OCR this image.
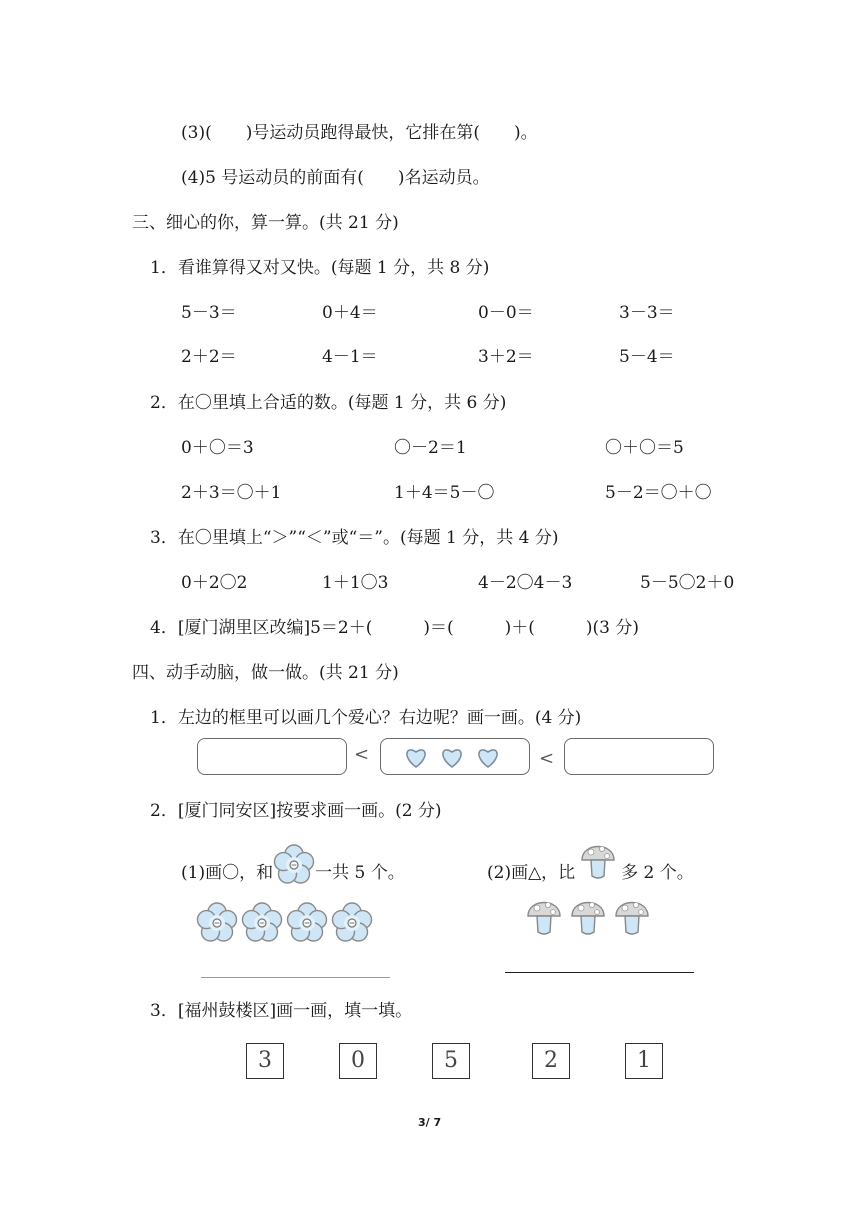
(3)(　　)号运动员跑得最快，它排在第(　　)。
(4)5 号运动员的前面有(　　)名运动员。
三、细心的你，算一算。(共 21 分)
1．看谁算得又对又快。(每题 1 分，共 8 分)
5－3＝	0＋4＝	0－0＝	3－3＝
2＋2＝	4－1＝	3＋2＝	5－4＝
2．在〇里填上合适的数。(每题 1 分，共 6 分)
0＋〇＝3	〇－2＝1	〇＋〇＝5
2＋3＝〇＋1	1＋4＝5－〇	5－2＝〇＋〇
3．在〇里填上“＞”“＜”或“＝”。(每题 1 分，共 4 分)
0＋2〇2	1＋1〇3	4－2〇4－3	5－5〇2＋0
4．[厦门湖里区改编]5＝2＋(　　　)＝(　　　)＋(　　　)(3 分)
四、动手动脑，做一做。(共 21 分)
1．左边的框里可以画几个爱心？右边呢？画一画。(4 分)
<	<
2．[厦门同安区]按要求画一画。(2 分)
(1)画〇，和 一共 5 个。	(2)画△，比	多 2 个。
3．[福州鼓楼区]画一画，填一填。
3	0	5	2	1
3/ 7
